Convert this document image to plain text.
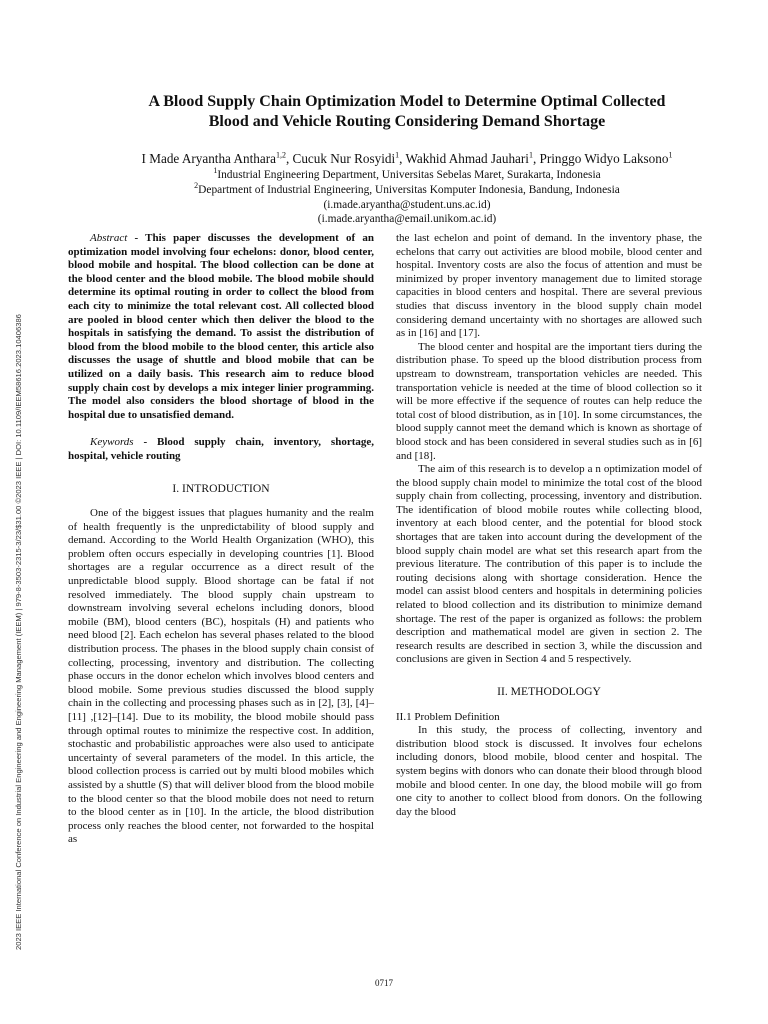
2023 IEEE International Conference on Industrial Engineering and Engineering Management (IEEM) | 979-8-3503-2315-3/23/$31.00 ©2023 IEEE | DOI: 10.1109/IEEM58616.2023.10406386
A Blood Supply Chain Optimization Model to Determine Optimal Collected
Blood and Vehicle Routing Considering Demand Shortage
I Made Aryantha Anthara$^{1,2}$, Cucuk Nur Rosyidi$^1$, Wakhid Ahmad Jauhari$^1$, Pringgo Widyo Laksono$^1$
$^1$Industrial Engineering Department, Universitas Sebelas Maret, Surakarta, Indonesia
$^2$Department of Industrial Engineering, Universitas Komputer Indonesia, Bandung, Indonesia
(i.made.aryantha@student.uns.ac.id)
(i.made.aryantha@email.unikom.ac.id)

Abstract - This paper discusses the development of an optimization model involving four echelons: donor, blood center, blood mobile and hospital. The blood collection can be done at the blood center and the blood mobile. The blood mobile should determine its optimal routing in order to collect the blood from each city to minimize the total relevant cost. All collected blood are pooled in blood center which then deliver the blood to the hospitals in satisfying the demand. To assist the distribution of blood from the blood mobile to the blood center, this article also discusses the usage of shuttle and blood mobile that can be utilized on a daily basis. This research aim to reduce blood supply chain cost by develops a mix integer linier programming. The model also considers the blood shortage of blood in the hospital due to unsatisfied demand.

Keywords - Blood supply chain, inventory, shortage, hospital, vehicle routing

I. INTRODUCTION

One of the biggest issues that plagues humanity and the realm of health frequently is the unpredictability of blood supply and demand. According to the World Health Organization (WHO), this problem often occurs especially in developing countries [1]. Blood shortages are a regular occurrence as a direct result of the unpredictable blood supply. Blood shortage can be fatal if not resolved immediately. The blood supply chain upstream to downstream involving several echelons including donors, blood mobile (BM), blood centers (BC), hospitals (H) and patients who need blood [2]. Each echelon has several phases related to the blood distribution process. The phases in the blood supply chain consist of collecting, processing, inventory and distribution. The collecting phase occurs in the donor echelon which involves blood centers and blood mobile. Some previous studies discussed the blood supply chain in the collecting and processing phases such as in [2], [3], [4]–[11] ,[12]–[14]. Due to its mobility, the blood mobile should pass through optimal routes to minimize the respective cost. In addition, stochastic and probabilistic approaches were also used to anticipate uncertainty of several parameters of the model. In this article, the blood collection process is carried out by multi blood mobiles which assisted by a shuttle (S) that will deliver blood from the blood mobile to the blood center so that the blood mobile does not need to return to the blood center as in [10]. In the article, the blood distribution process only reaches the blood center, not forwarded to the hospital as

the last echelon and point of demand. In the inventory phase, the echelons that carry out activities are blood mobile, blood center and hospital. Inventory costs are also the focus of attention and must be minimized by proper inventory management due to limited storage capacities in blood centers and hospital. There are several previous studies that discuss inventory in the blood supply chain model considering demand uncertainty with no shortages are allowed such as in [16] and [17].

The blood center and hospital are the important tiers during the distribution phase. To speed up the blood distribution process from upstream to downstream, transportation vehicles are needed. This transportation vehicle is needed at the time of blood collection so it will be more effective if the sequence of routes can help reduce the total cost of blood distribution, as in [10]. In some circumstances, the blood supply cannot meet the demand which is known as shortage of blood stock and has been considered in several studies such as in [6] and [18].

The aim of this research is to develop a n optimization model of the blood supply chain model to minimize the total cost of the blood supply chain from collecting, processing, inventory and distribution. The identification of blood mobile routes while collecting blood, inventory at each blood center, and the potential for blood stock shortages that are taken into account during the development of the blood supply chain model are what set this research apart from the previous literature. The contribution of this paper is to include the routing decisions along with shortage consideration. Hence the model can assist blood centers and hospitals in determining policies related to blood collection and its distribution to minimize demand shortage. The rest of the paper is organized as follows: the problem description and mathematical model are given in section 2. The research results are described in section 3, while the discussion and conclusions are given in Section 4 and 5 respectively.

II. METHODOLOGY

II.1 Problem Definition

In this study, the process of collecting, inventory and distribution blood stock is discussed. It involves four echelons including donors, blood mobile, blood center and hospital. The system begins with donors who can donate their blood through blood mobile and blood center. In one day, the blood mobile will go from one city to another to collect blood from donors. On the following day the blood

0717
